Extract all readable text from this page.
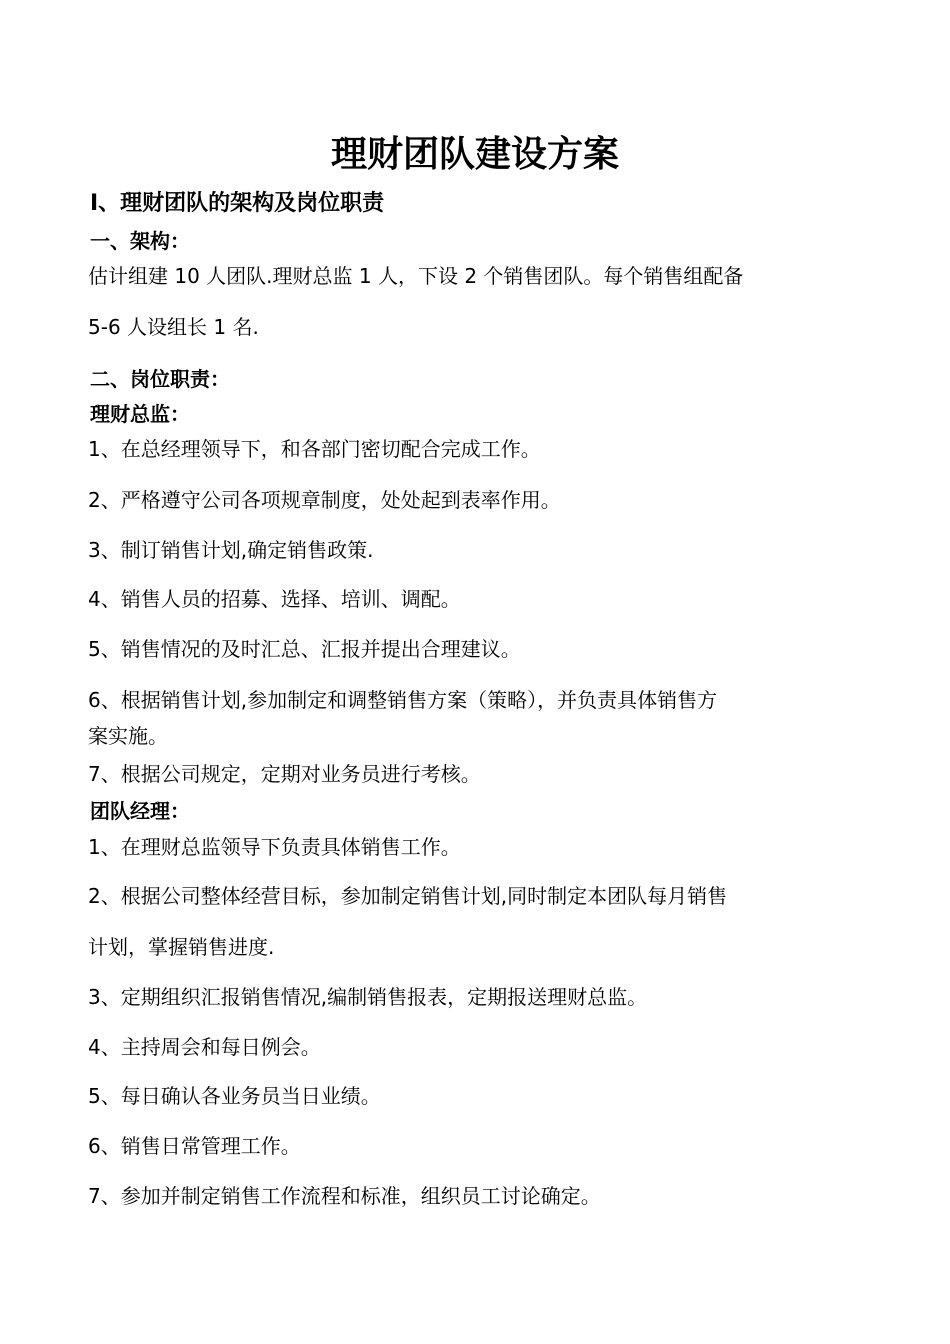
理财团队建设方案
Ⅰ、理财团队的架构及岗位职责
一、架构：
估计组建 10 人团队.理财总监 1 人，下设 2 个销售团队。每个销售组配备
5-6 人设组长 1 名.
二、岗位职责：
理财总监：
1、在总经理领导下，和各部门密切配合完成工作。
2、严格遵守公司各项规章制度，处处起到表率作用。
3、制订销售计划,确定销售政策.
4、销售人员的招募、选择、培训、调配。
5、销售情况的及时汇总、汇报并提出合理建议。
6、根据销售计划,参加制定和调整销售方案（策略），并负责具体销售方
案实施。
7、根据公司规定，定期对业务员进行考核。
团队经理：
1、在理财总监领导下负责具体销售工作。
2、根据公司整体经营目标，参加制定销售计划,同时制定本团队每月销售
计划，掌握销售进度.
3、定期组织汇报销售情况,编制销售报表，定期报送理财总监。
4、主持周会和每日例会。
5、每日确认各业务员当日业绩。
6、销售日常管理工作。
7、参加并制定销售工作流程和标准，组织员工讨论确定。
